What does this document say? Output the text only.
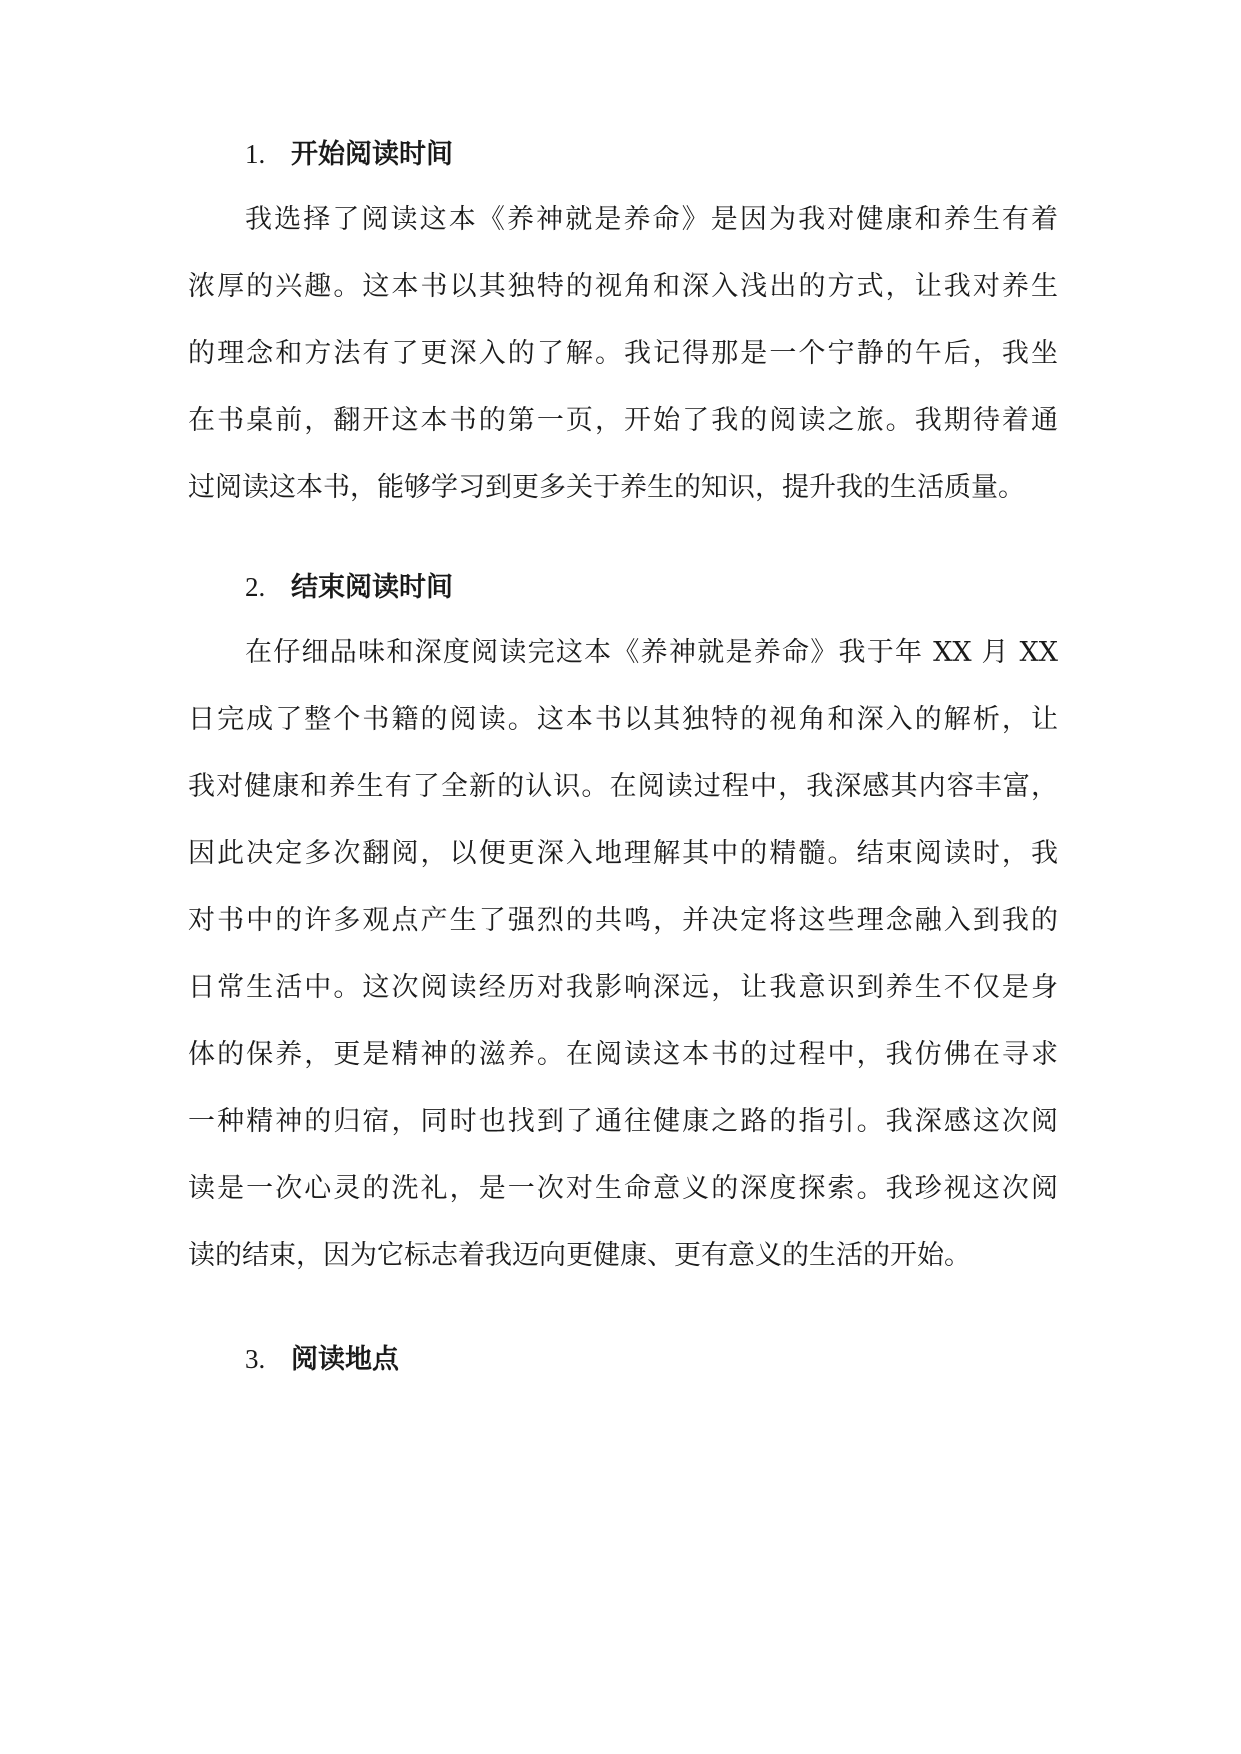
1. 开始阅读时间
我选择了阅读这本《养神就是养命》是因为我对健康和养生有着
浓厚的兴趣。这本书以其独特的视角和深入浅出的方式，让我对养生
的理念和方法有了更深入的了解。我记得那是一个宁静的午后，我坐
在书桌前，翻开这本书的第一页，开始了我的阅读之旅。我期待着通
过阅读这本书，能够学习到更多关于养生的知识，提升我的生活质量。
2. 结束阅读时间
在仔细品味和深度阅读完这本《养神就是养命》我于年 XX 月 XX
日完成了整个书籍的阅读。这本书以其独特的视角和深入的解析，让
我对健康和养生有了全新的认识。在阅读过程中，我深感其内容丰富，
因此决定多次翻阅，以便更深入地理解其中的精髓。结束阅读时，我
对书中的许多观点产生了强烈的共鸣，并决定将这些理念融入到我的
日常生活中。这次阅读经历对我影响深远，让我意识到养生不仅是身
体的保养，更是精神的滋养。在阅读这本书的过程中，我仿佛在寻求
一种精神的归宿，同时也找到了通往健康之路的指引。我深感这次阅
读是一次心灵的洗礼，是一次对生命意义的深度探索。我珍视这次阅
读的结束，因为它标志着我迈向更健康、更有意义的生活的开始。
3. 阅读地点
